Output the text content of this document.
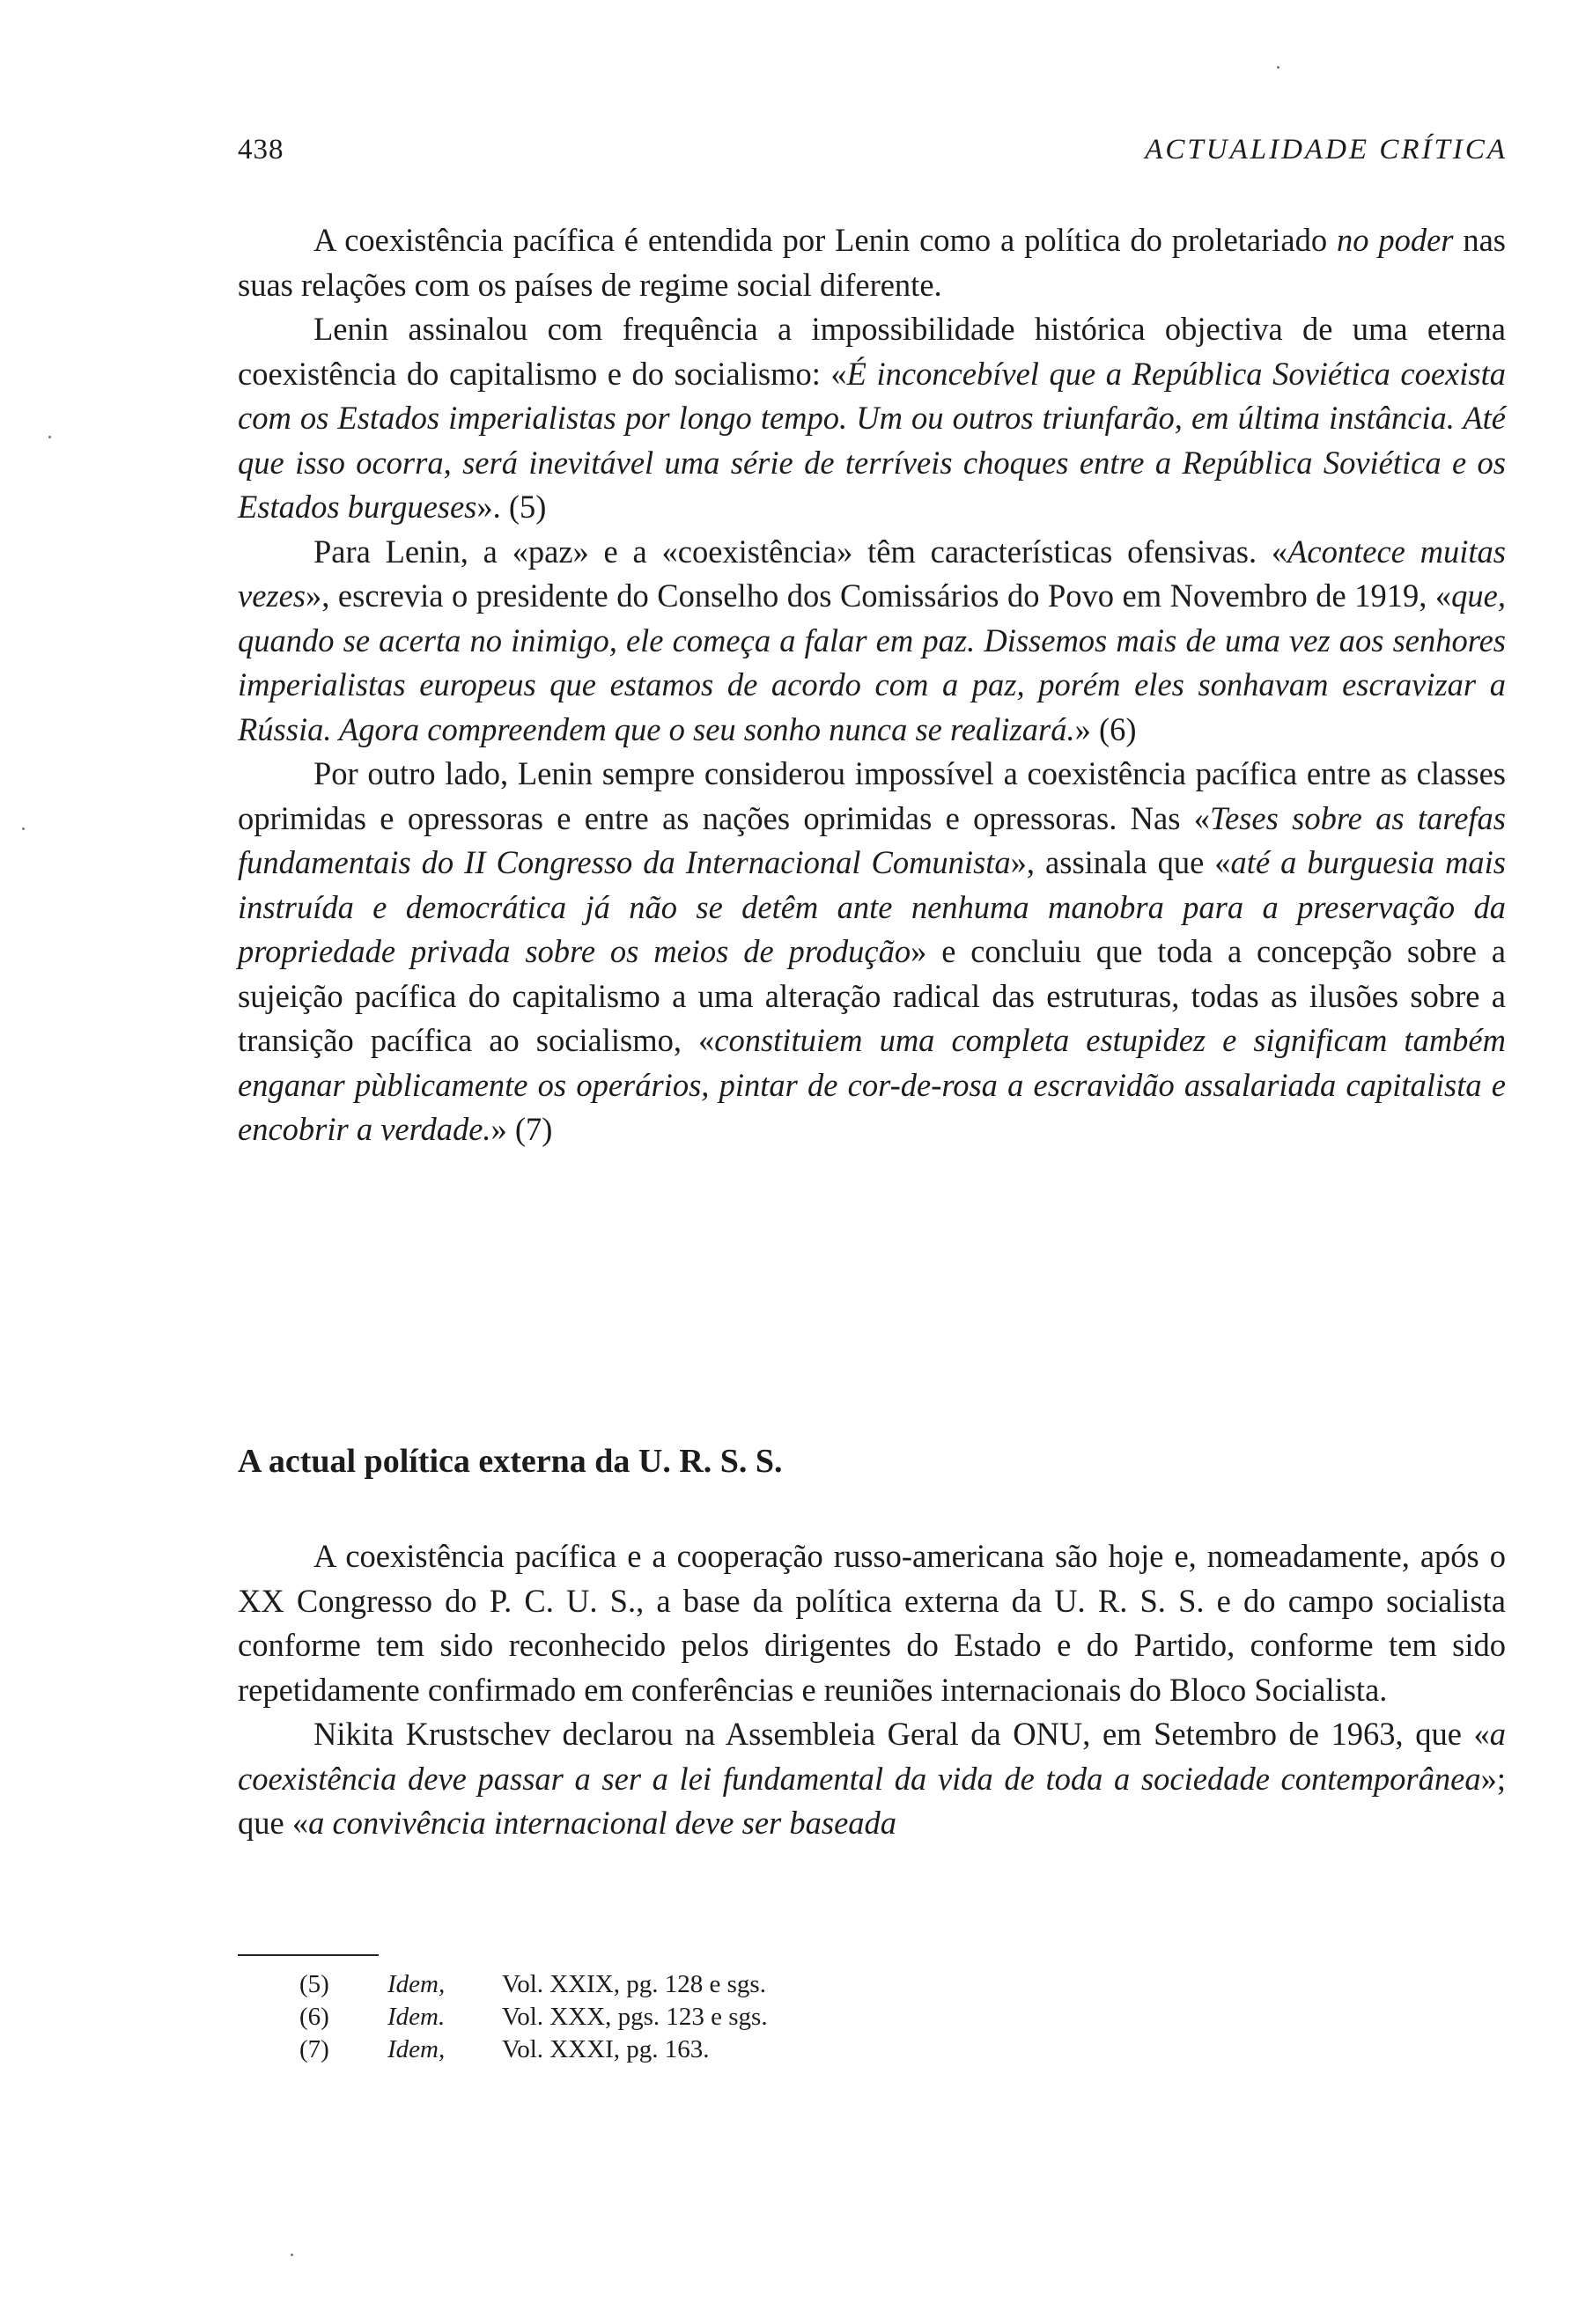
438	ACTUALIDADE CRÍTICA

A coexistência pacífica é entendida por Lenin como a política do proletariado no poder nas suas relações com os países de regime social diferente.

Lenin assinalou com frequência a impossibilidade histórica objectiva de uma eterna coexistência do capitalismo e do socialismo: «É inconcebível que a República Soviética coexista com os Estados imperialistas por longo tempo. Um ou outros triunfarão, em última instância. Até que isso ocorra, será inevitável uma série de terríveis choques entre a República Soviética e os Estados burgueses». (5)

Para Lenin, a «paz» e a «coexistência» têm características ofensivas. «Acontece muitas vezes», escrevia o presidente do Conselho dos Comissários do Povo em Novembro de 1919, «que, quando se acerta no inimigo, ele começa a falar em paz. Dissemos mais de uma vez aos senhores imperialistas europeus que estamos de acordo com a paz, porém eles sonhavam escravizar a Rússia. Agora compreendem que o seu sonho nunca se realizará.» (6)

Por outro lado, Lenin sempre considerou impossível a coexistência pacífica entre as classes oprimidas e opressoras e entre as nações oprimidas e opressoras. Nas «Teses sobre as tarefas fundamentais do II Congresso da Internacional Comunista», assinala que «até a burguesia mais instruída e democrática já não se detêm ante nenhuma manobra para a preservação da propriedade privada sobre os meios de produção» e concluiu que toda a concepção sobre a sujeição pacífica do capitalismo a uma alteração radical das estruturas, todas as ilusões sobre a transição pacífica ao socialismo, «constituiem uma completa estupidez e significam também enganar pùblicamente os operários, pintar de cor-de-rosa a escravidão assalariada capitalista e encobrir a verdade.» (7)

A actual política externa da U. R. S. S.

A coexistência pacífica e a cooperação russo-americana são hoje e, nomeadamente, após o XX Congresso do P. C. U. S., a base da política externa da U. R. S. S. e do campo socialista conforme tem sido reconhecido pelos dirigentes do Estado e do Partido, conforme tem sido repetidamente confirmado em conferências e reuniões internacionais do Bloco Socialista.

Nikita Krustschev declarou na Assembleia Geral da ONU, em Setembro de 1963, que «a coexistência deve passar a ser a lei fundamental da vida de toda a sociedade contemporânea»; que «a convivência internacional deve ser baseada

(5)	Idem,	Vol. XXIX, pg. 128 e sgs.
(6)	Idem.	Vol. XXX, pgs. 123 e sgs.
(7)	Idem,	Vol. XXXI, pg. 163.
